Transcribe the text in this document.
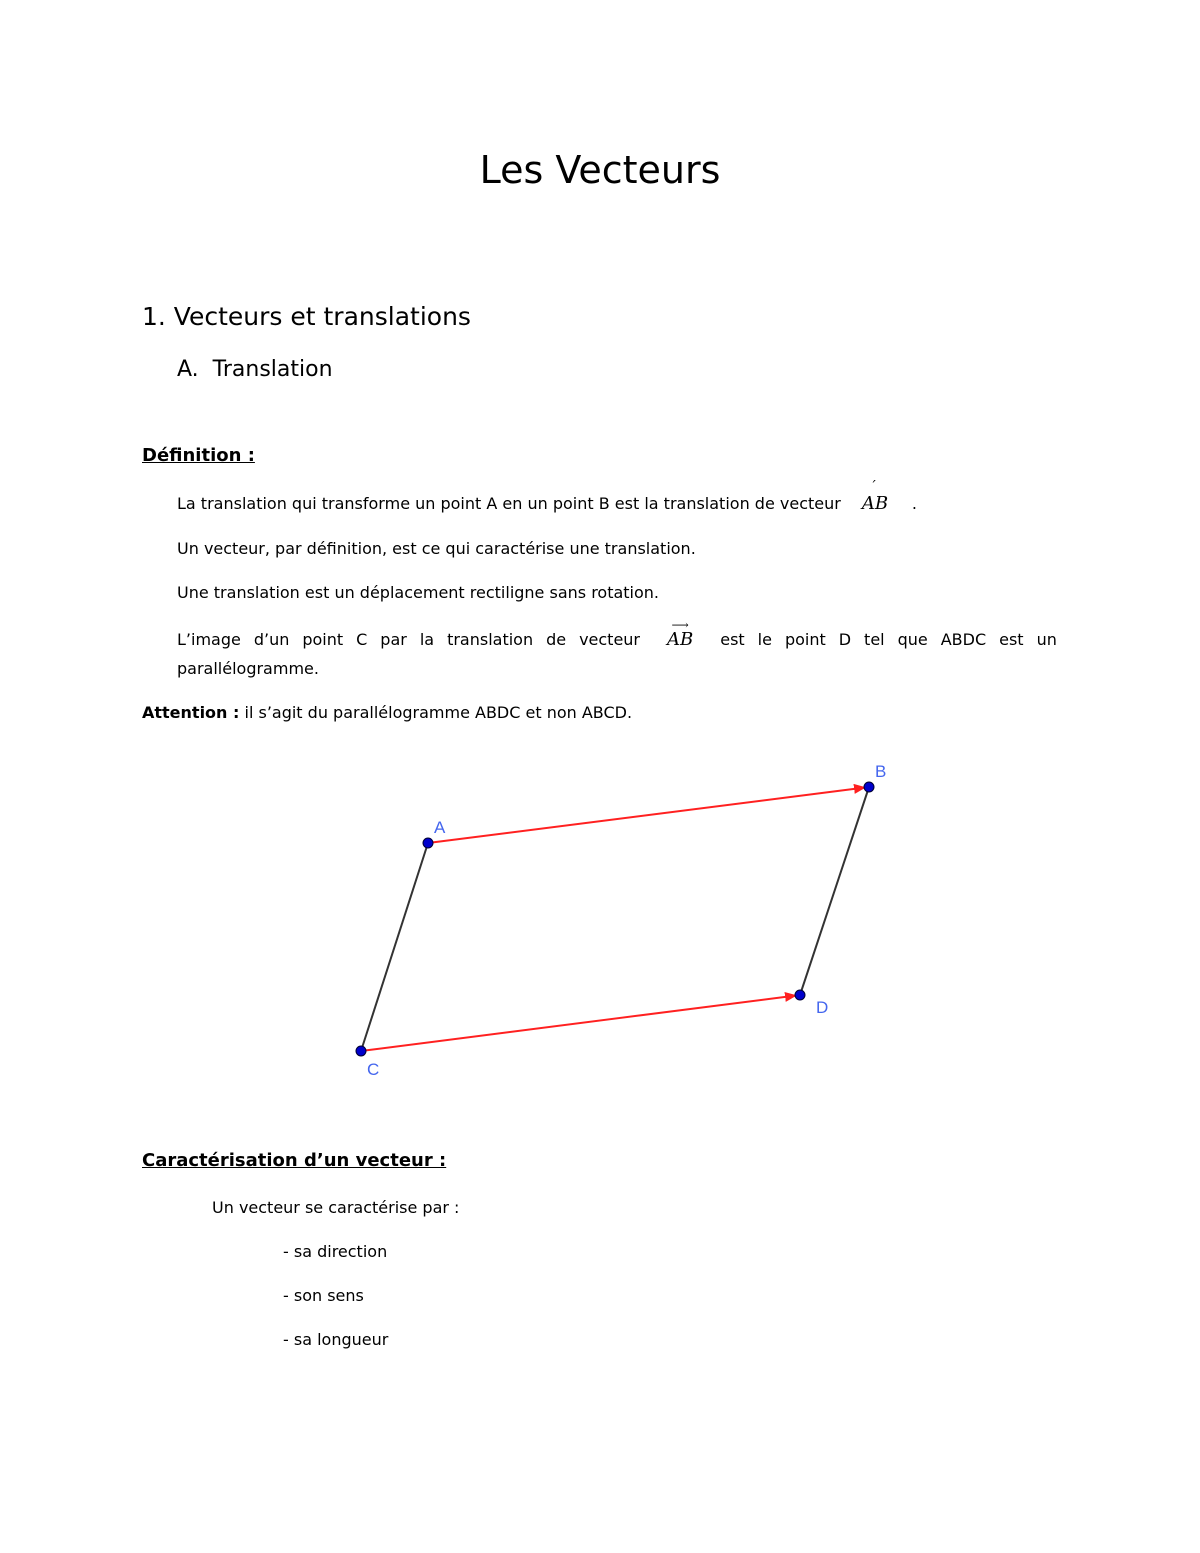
Les Vecteurs
1. Vecteurs et translations
A.  Translation
Définition :
La translation qui transforme un point A en un point B est la translation de vecteur
´
AB .
Un vecteur, par définition, est ce qui caractérise une translation.
Une translation est un déplacement rectiligne sans rotation.
L’image d’un point C par la translation de vecteur
⟶
AB est le point D tel que ABDC est un
parallélogramme.
Attention : il s’agit du parallélogramme ABDC et non ABCD.
A
B
C
D
Caractérisation d’un vecteur :
Un vecteur se caractérise par :
- sa direction
- son sens
- sa longueur
